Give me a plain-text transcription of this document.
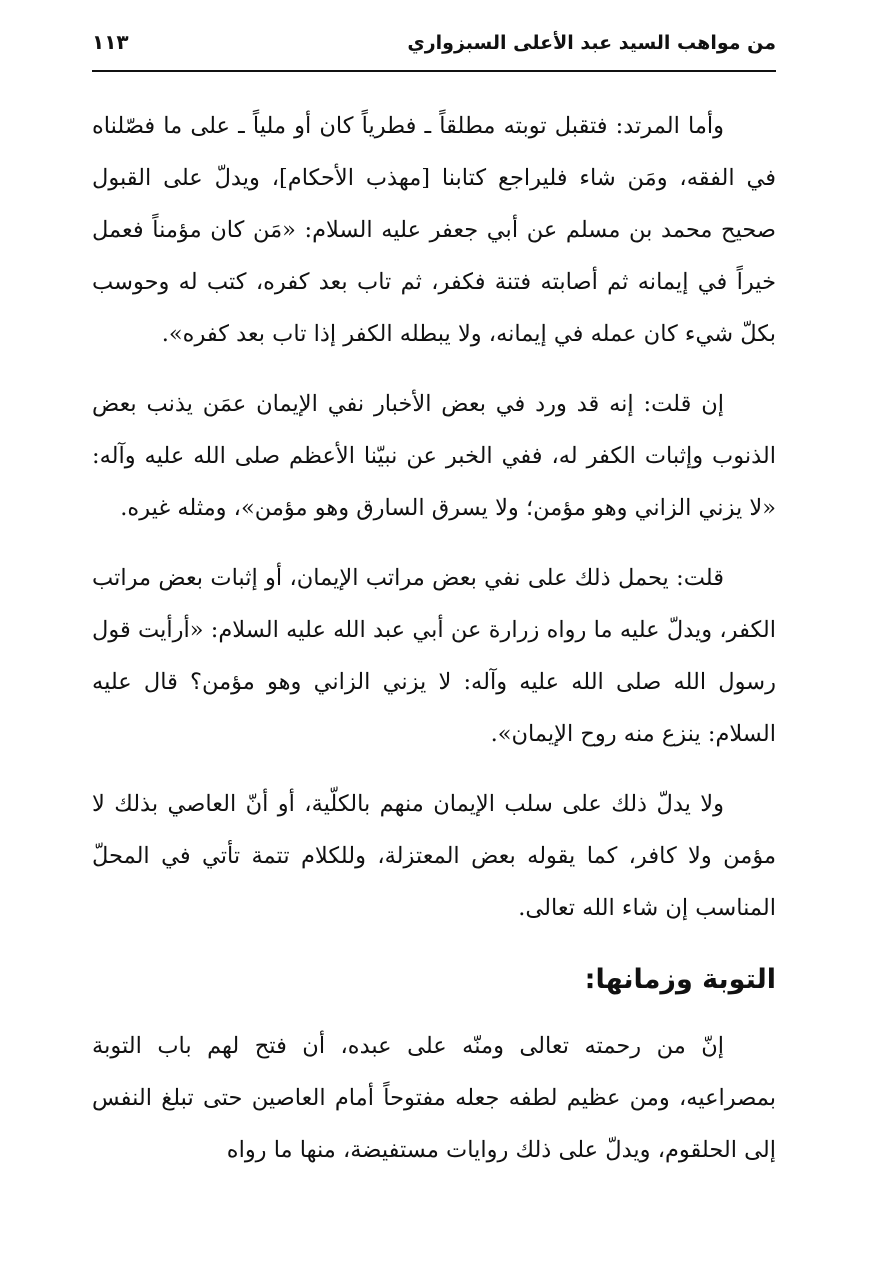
من مواهب السيد عبد الأعلى السبزواري
١١٣

وأما المرتد: فتقبل توبته مطلقاً ـ فطرياً كان أو ملياً ـ على ما فصّلناه في الفقه، ومَن شاء فليراجع كتابنا [مهذب الأحكام]، ويدلّ على القبول صحيح محمد بن مسلم عن أبي جعفر عليه السلام: «مَن كان مؤمناً فعمل خيراً في إيمانه ثم أصابته فتنة فكفر، ثم تاب بعد كفره، كتب له وحوسب بكلّ شيء كان عمله في إيمانه، ولا يبطله الكفر إذا تاب بعد كفره».

إن قلت: إنه قد ورد في بعض الأخبار نفي الإيمان عمَن يذنب بعض الذنوب وإثبات الكفر له، ففي الخبر عن نبيّنا الأعظم صلى الله عليه وآله: «لا يزني الزاني وهو مؤمن؛ ولا يسرق السارق وهو مؤمن»، ومثله غيره.

قلت: يحمل ذلك على نفي بعض مراتب الإيمان، أو إثبات بعض مراتب الكفر، ويدلّ عليه ما رواه زرارة عن أبي عبد الله عليه السلام: «أرأيت قول رسول الله صلى الله عليه وآله: لا يزني الزاني وهو مؤمن؟ قال عليه السلام: ينزع منه روح الإيمان».

ولا يدلّ ذلك على سلب الإيمان منهم بالكلّية، أو أنّ العاصي بذلك لا مؤمن ولا كافر، كما يقوله بعض المعتزلة، وللكلام تتمة تأتي في المحلّ المناسب إن شاء الله تعالى.

التوبة وزمانها:

إنّ من رحمته تعالى ومنّه على عبده، أن فتح لهم باب التوبة بمصراعيه، ومن عظيم لطفه جعله مفتوحاً أمام العاصين حتى تبلغ النفس إلى الحلقوم، ويدلّ على ذلك روايات مستفيضة، منها ما رواه
